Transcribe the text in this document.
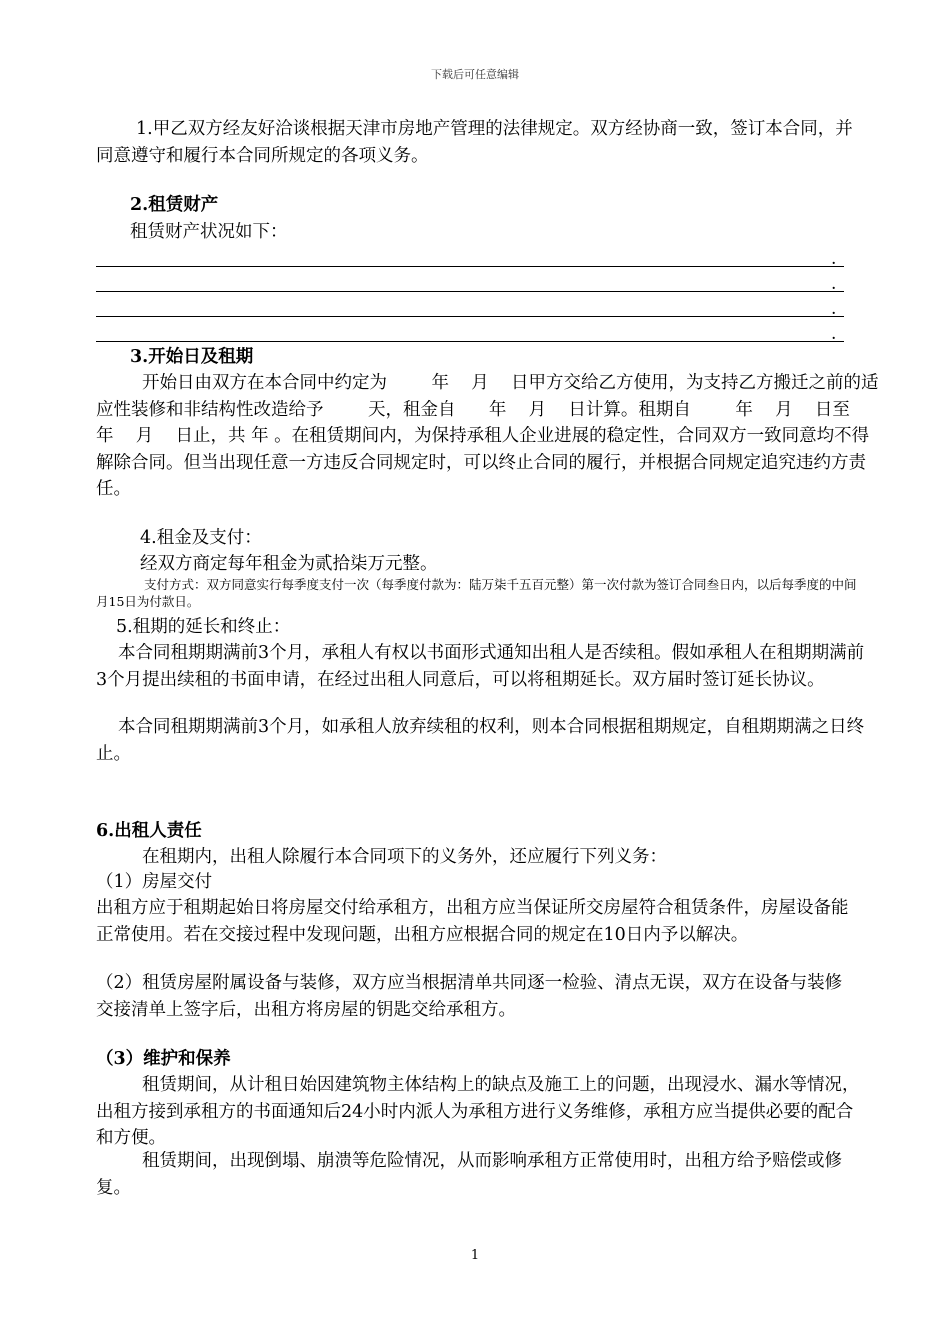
下载后可任意编辑
1.甲乙双方经友好洽谈根据天津市房地产管理的法律规定。双方经协商一致，签订本合同，并同意遵守和履行本合同所规定的各项义务。
2.租赁财产
租赁财产状况如下：
.
.
.
.
3.开始日及租期
开始日由双方在本合同中约定为        年    月    日甲方交给乙方使用，为支持乙方搬迁之前的适应性装修和非结构性改造给予        天，租金自      年    月    日计算。租期自        年    月    日至        年    月    日止，共 年 。在租赁期间内，为保持承租人企业进展的稳定性，合同双方一致同意均不得解除合同。但当出现任意一方违反合同规定时，可以终止合同的履行，并根据合同规定追究违约方责任。
4.租金及支付：
经双方商定每年租金为贰拾柒万元整。
支付方式：双方同意实行每季度支付一次（每季度付款为：陆万柒千五百元整）第一次付款为签订合同叁日内，以后每季度的中间月15日为付款日。
5.租期的延长和终止：
本合同租期期满前3个月，承租人有权以书面形式通知出租人是否续租。假如承租人在租期期满前3个月提出续租的书面申请，在经过出租人同意后，可以将租期延长。双方届时签订延长协议。
本合同租期期满前3个月，如承租人放弃续租的权利，则本合同根据租期规定，自租期期满之日终止。
6.出租人责任
在租期内，出租人除履行本合同项下的义务外，还应履行下列义务：
（1）房屋交付
出租方应于租期起始日将房屋交付给承租方，出租方应当保证所交房屋符合租赁条件，房屋设备能正常使用。若在交接过程中发现问题，出租方应根据合同的规定在10日内予以解决。
（2）租赁房屋附属设备与装修，双方应当根据清单共同逐一检验、清点无误，双方在设备与装修交接清单上签字后，出租方将房屋的钥匙交给承租方。
（3）维护和保养
租赁期间，从计租日始因建筑物主体结构上的缺点及施工上的问题，出现浸水、漏水等情况，出租方接到承租方的书面通知后24小时内派人为承租方进行义务维修，承租方应当提供必要的配合和方便。
租赁期间，出现倒塌、崩溃等危险情况，从而影响承租方正常使用时，出租方给予赔偿或修复。
1
